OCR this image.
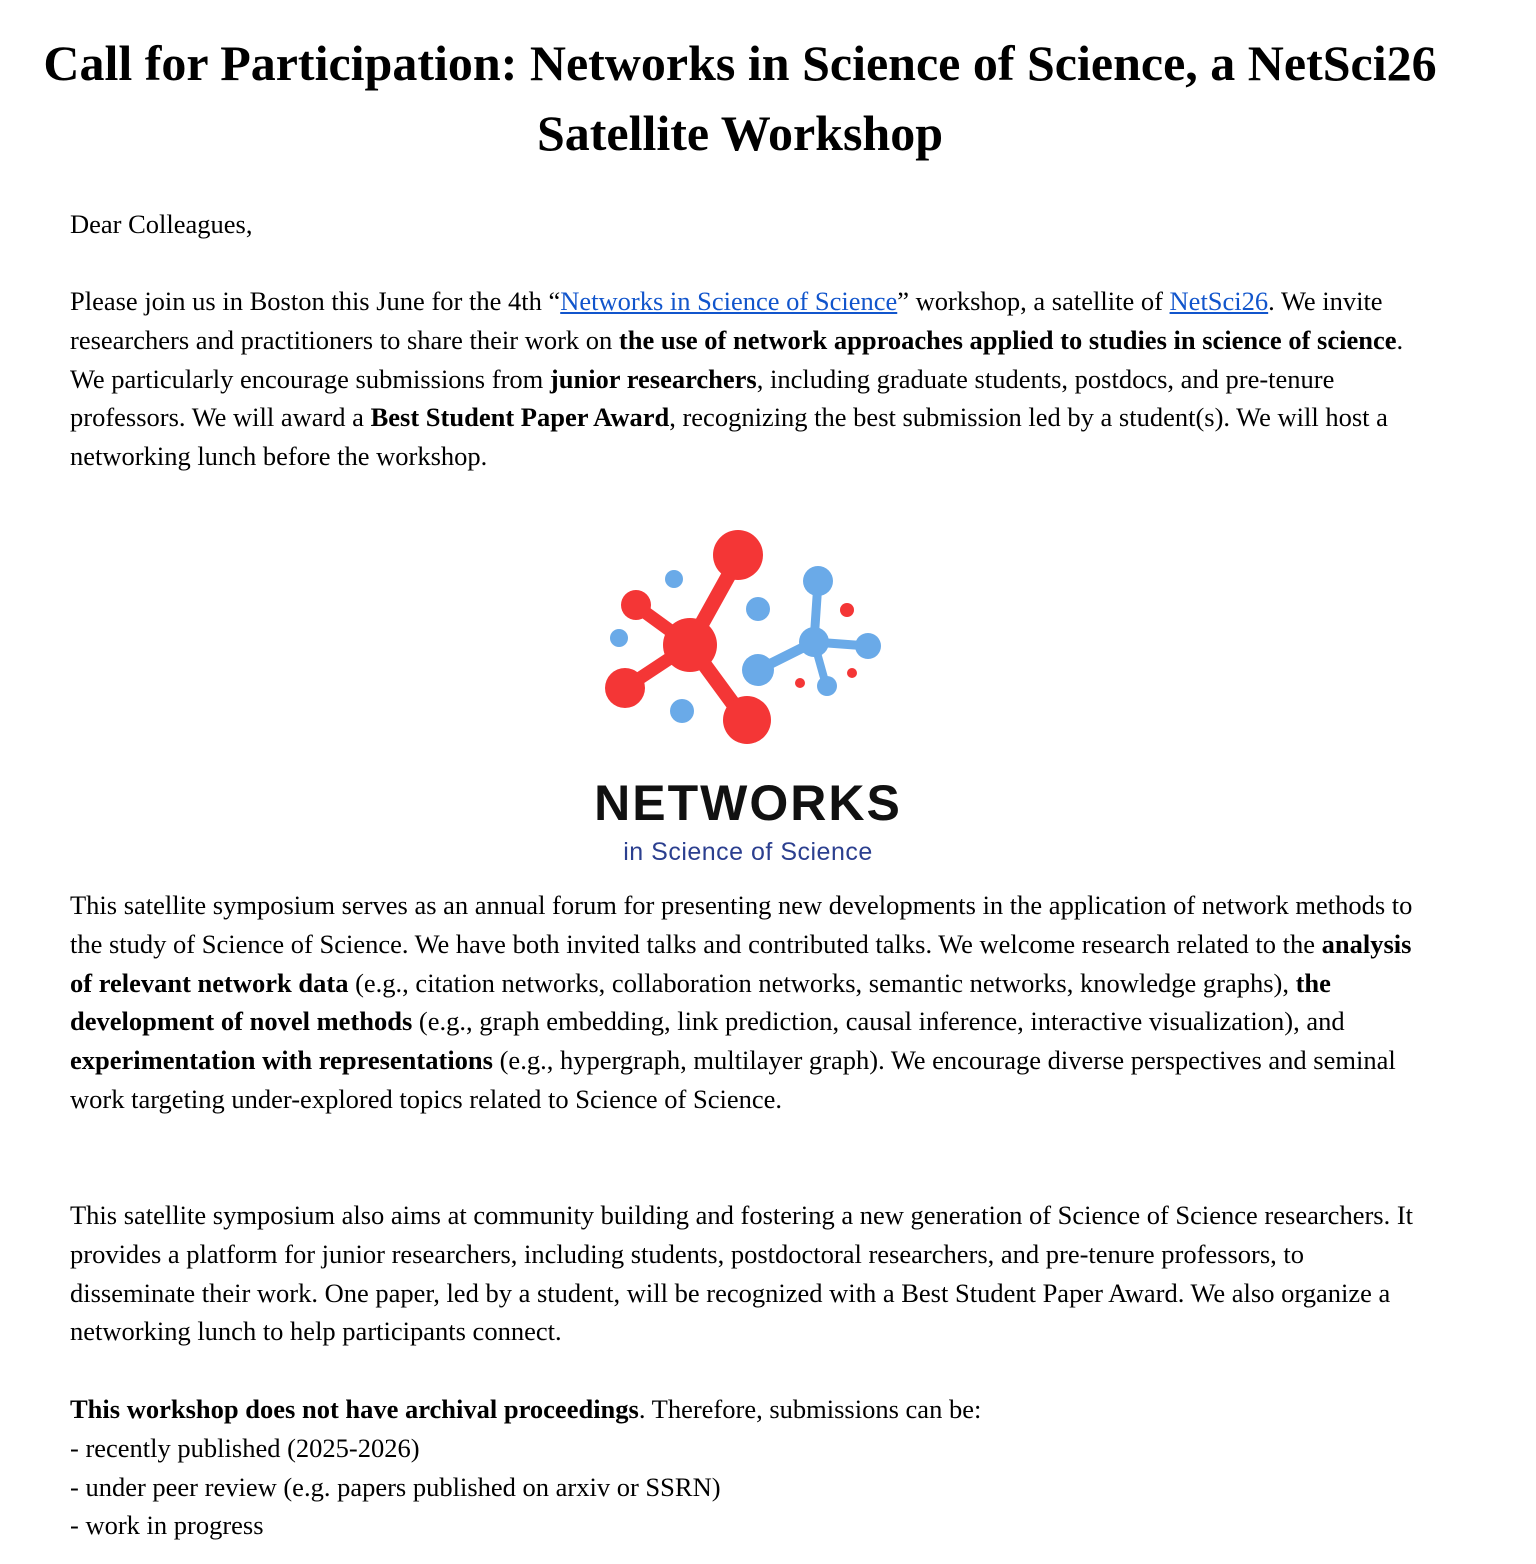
Call for Participation: Networks in Science of Science, a NetSci26 Satellite Workshop

Dear Colleagues,

Please join us in Boston this June for the 4th “Networks in Science of Science” workshop, a satellite of NetSci26. We invite researchers and practitioners to share their work on the use of network approaches applied to studies in science of science. We particularly encourage submissions from junior researchers, including graduate students, postdocs, and pre-tenure professors. We will award a Best Student Paper Award, recognizing the best submission led by a student(s). We will host a networking lunch before the workshop.

NETWORKS
in Science of Science

This satellite symposium serves as an annual forum for presenting new developments in the application of network methods to the study of Science of Science. We have both invited talks and contributed talks. We welcome research related to the analysis of relevant network data (e.g., citation networks, collaboration networks, semantic networks, knowledge graphs), the development of novel methods (e.g., graph embedding, link prediction, causal inference, interactive visualization), and experimentation with representations (e.g., hypergraph, multilayer graph). We encourage diverse perspectives and seminal work targeting under-explored topics related to Science of Science.

This satellite symposium also aims at community building and fostering a new generation of Science of Science researchers. It provides a platform for junior researchers, including students, postdoctoral researchers, and pre-tenure professors, to disseminate their work. One paper, led by a student, will be recognized with a Best Student Paper Award. We also organize a networking lunch to help participants connect.

This workshop does not have archival proceedings. Therefore, submissions can be:
- recently published (2025-2026)
- under peer review (e.g. papers published on arxiv or SSRN)
- work in progress
